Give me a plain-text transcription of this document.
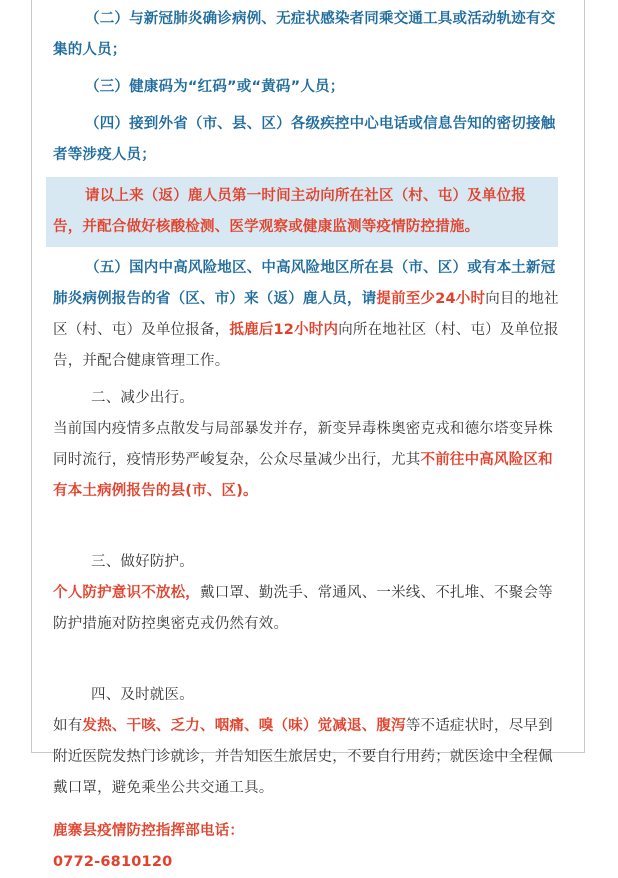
（二）与新冠肺炎确诊病例、无症状感染者同乘交通工具或活动轨迹有交集的人员；

（三）健康码为“红码”或“黄码”人员；

（四）接到外省（市、县、区）各级疾控中心电话或信息告知的密切接触者等涉疫人员；

请以上来（返）鹿人员第一时间主动向所在社区（村、屯）及单位报告，并配合做好核酸检测、医学观察或健康监测等疫情防控措施。

（五）国内中高风险地区、中高风险地区所在县（市、区）或有本土新冠肺炎病例报告的省（区、市）来（返）鹿人员，请提前至少24小时向目的地社区（村、屯）及单位报备，抵鹿后12小时内向所在地社区（村、屯）及单位报告，并配合健康管理工作。

二、减少出行。

当前国内疫情多点散发与局部暴发并存，新变异毒株奥密克戎和德尔塔变异株同时流行，疫情形势严峻复杂，公众尽量减少出行，尤其不前往中高风险区和有本土病例报告的县(市、区)。

三、做好防护。

个人防护意识不放松，戴口罩、勤洗手、常通风、一米线、不扎堆、不聚会等防护措施对防控奥密克戎仍然有效。

四、及时就医。

如有发热、干咳、乏力、咽痛、嗅（味）觉减退、腹泻等不适症状时，尽早到附近医院发热门诊就诊，并告知医生旅居史，不要自行用药；就医途中全程佩戴口罩，避免乘坐公共交通工具。

鹿寨县疫情防控指挥部电话：

0772-6810120
